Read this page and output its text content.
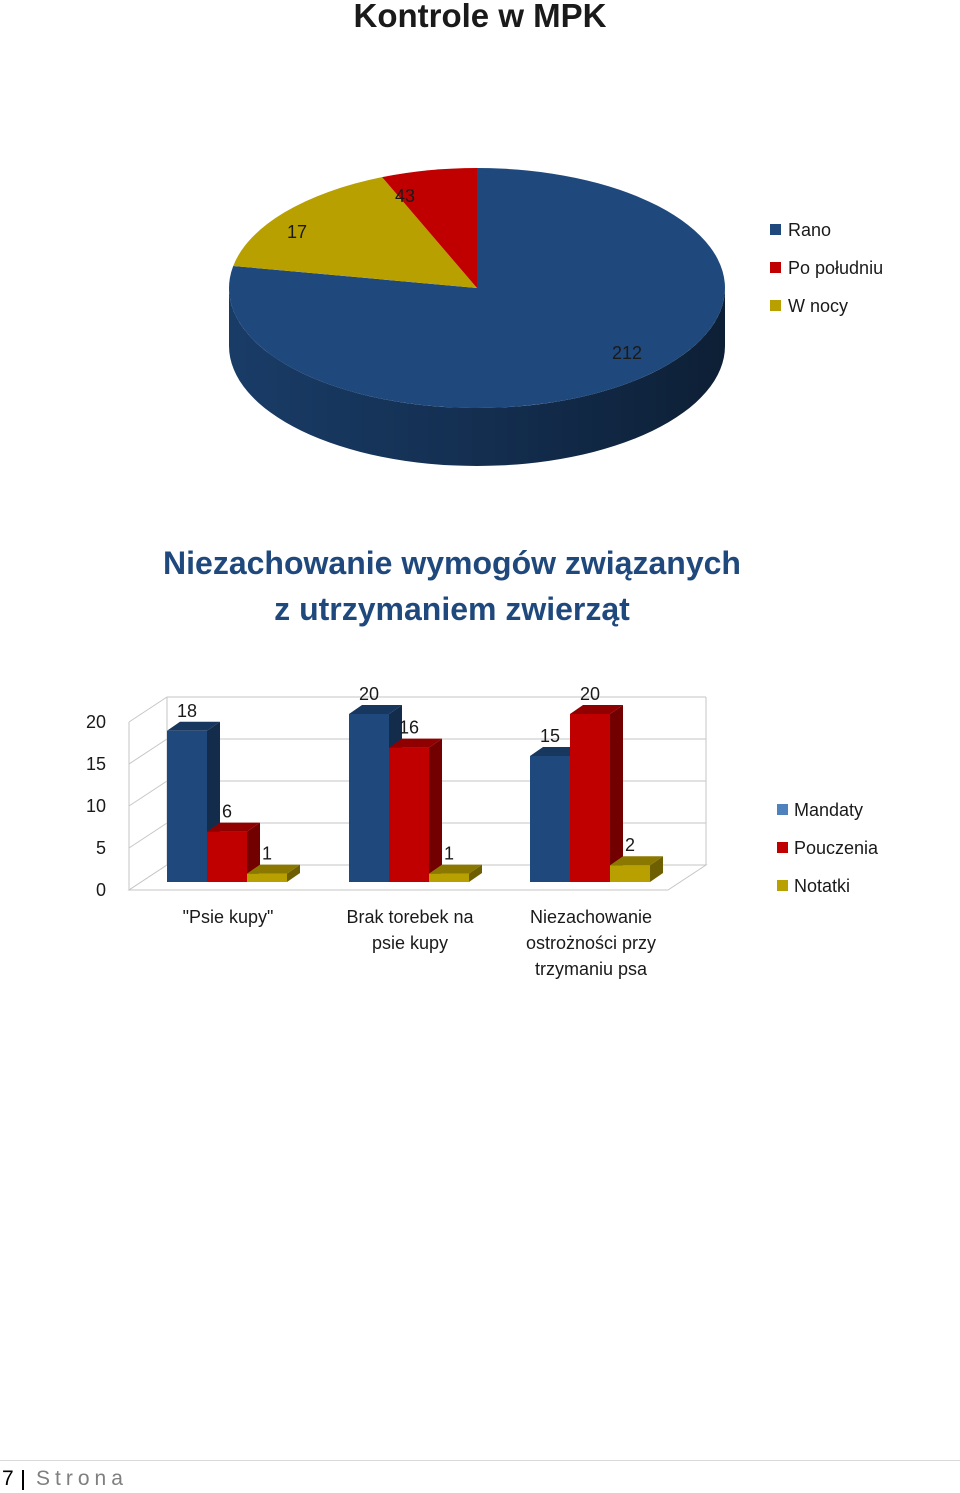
Kontrole w MPK
212
17
43
Rano
Po południu
W nocy
Niezachowanie wymogów związanych
z utrzymaniem zwierząt
0
5
10
15
20
18
20
15
6
16
20
1	1	2
"Psie kupy"	Brak torebek na
psie kupy
Niezachowanie
ostrożności przy
trzymaniu psa
Mandaty
Pouczenia
Notatki
7 Strona
